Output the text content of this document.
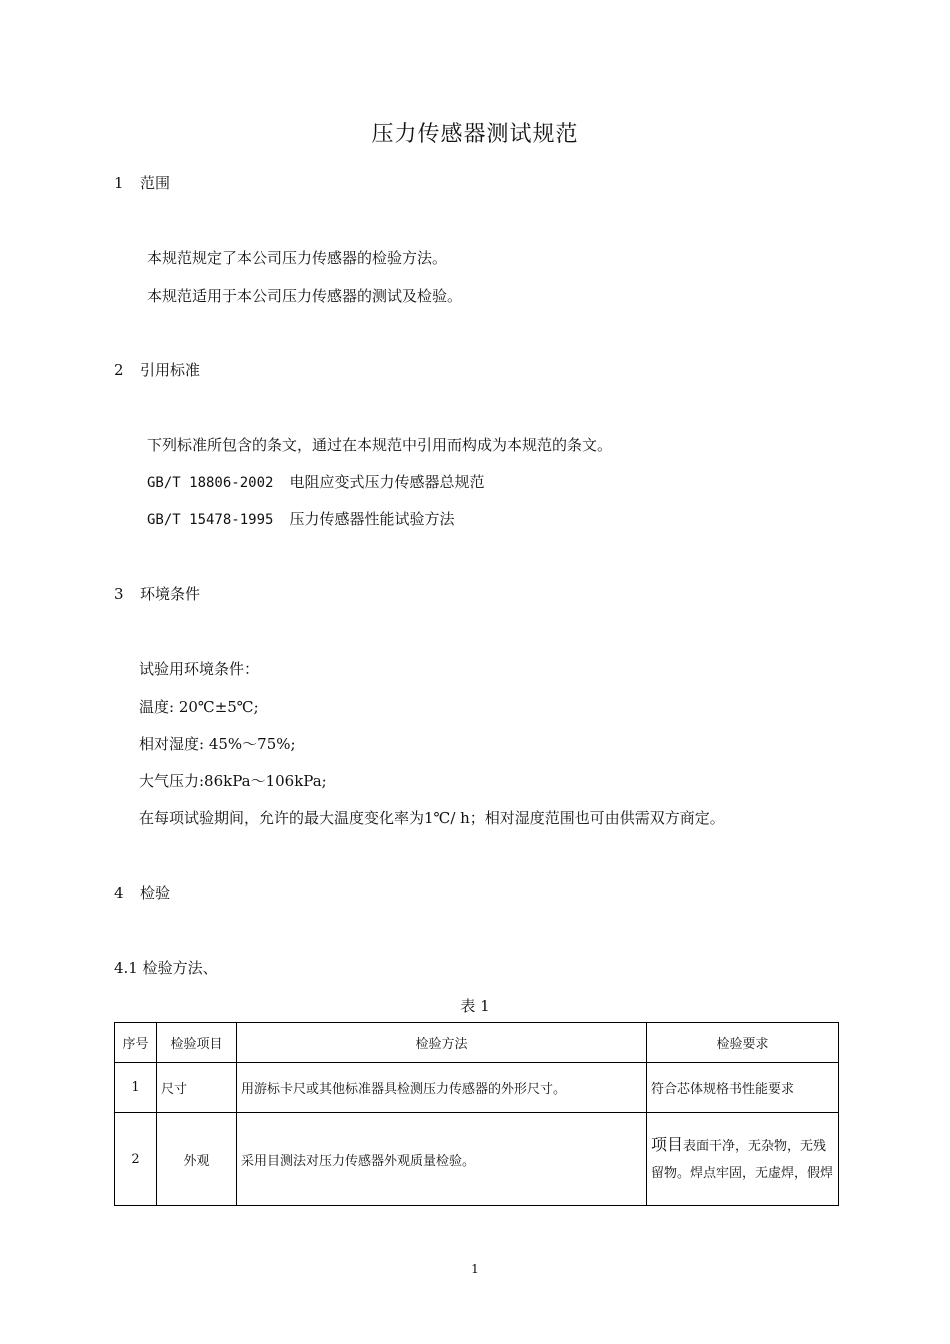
压力传感器测试规范
1 范围
本规范规定了本公司压力传感器的检验方法。
本规范适用于本公司压力传感器的测试及检验。
2 引用标准
下列标准所包含的条文，通过在本规范中引用而构成为本规范的条文。
GB/T 18806-2002 电阻应变式压力传感器总规范
GB/T 15478-1995 压力传感器性能试验方法
3 环境条件
试验用环境条件：
温度: 20℃±5℃;
相对湿度: 45%～75%;
大气压力:86kPa～106kPa;
在每项试验期间，允许的最大温度变化率为1℃/ h；相对湿度范围也可由供需双方商定。
4 检验
4.1 检验方法、
表 1
序号	检验项目	检验方法	检验要求
1	尺寸	用游标卡尺或其他标准器具检测压力传感器的外形尺寸。	符合芯体规格书性能要求
2	外观	采用目测法对压力传感器外观质量检验。	项目表面干净，无杂物，无残留物。焊点牢固，无虚焊，假焊
1
